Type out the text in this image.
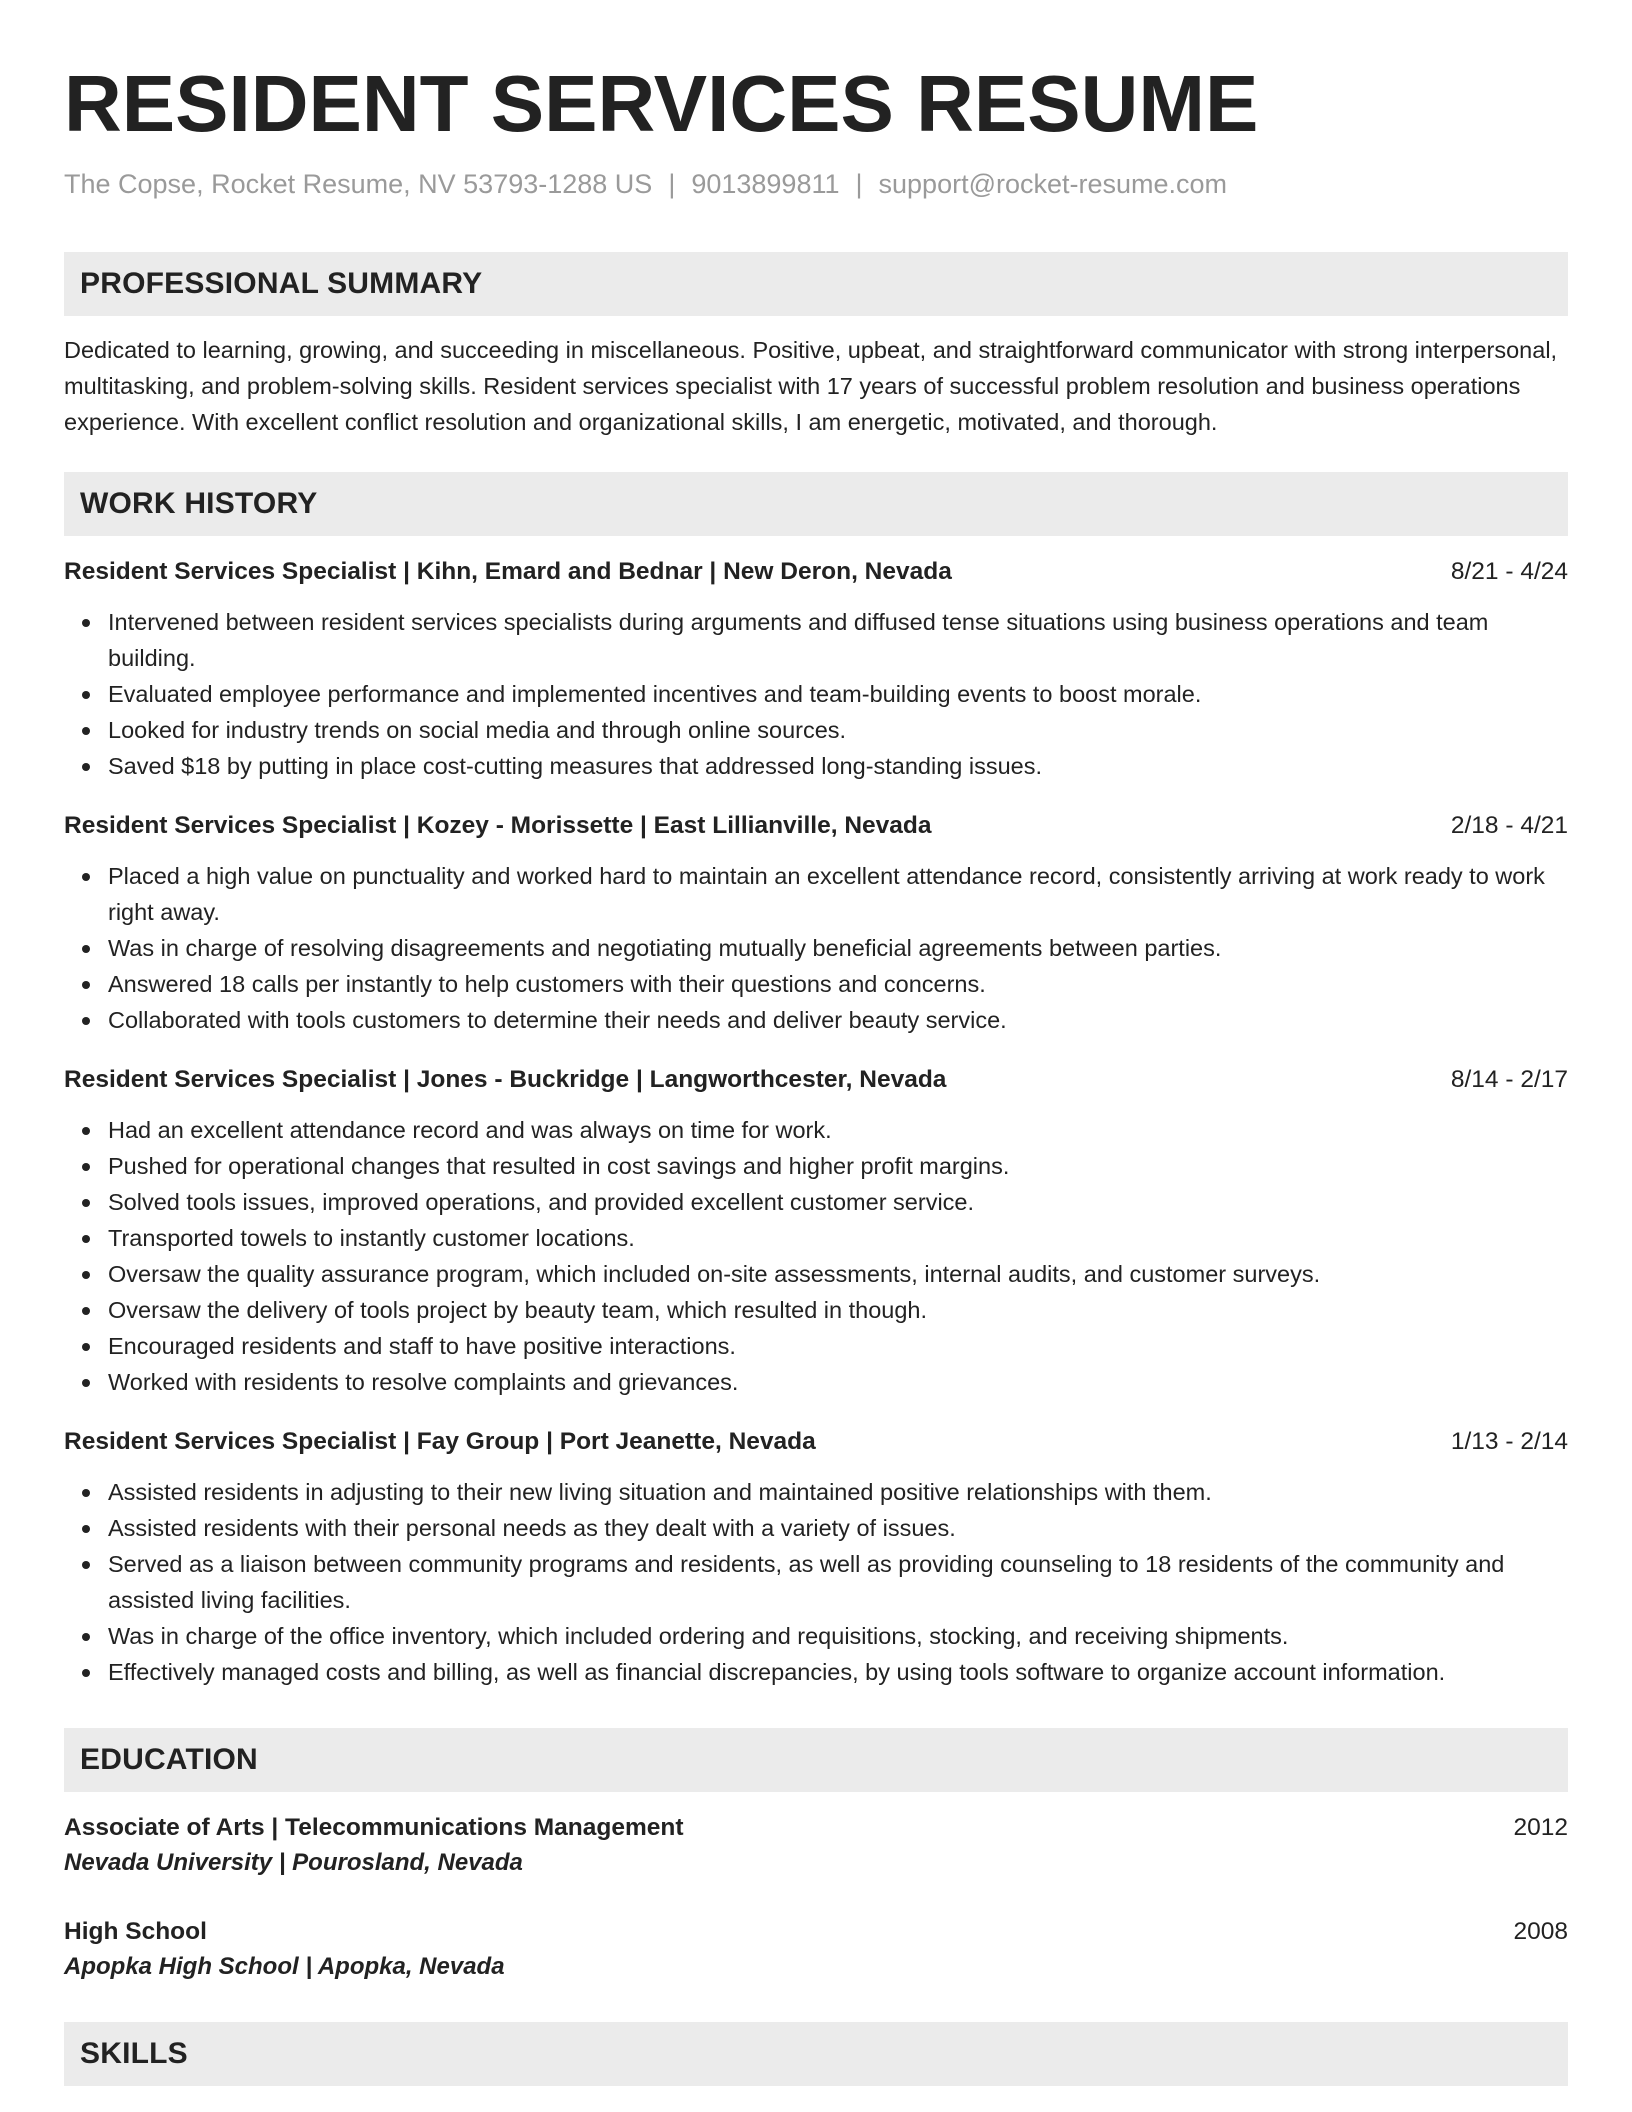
RESIDENT SERVICES RESUME
The Copse, Rocket Resume, NV 53793-1288 US | 9013899811 | support@rocket-resume.com
PROFESSIONAL SUMMARY

Dedicated to learning, growing, and succeeding in miscellaneous. Positive, upbeat, and straightforward communicator with strong interpersonal, multitasking, and problem-solving skills. Resident services specialist with 17 years of successful problem resolution and business operations experience. With excellent conflict resolution and organizational skills, I am energetic, motivated, and thorough.

WORK HISTORY
Resident Services Specialist | Kihn, Emard and Bednar | New Deron, Nevada	8/21 - 4/24
Intervened between resident services specialists during arguments and diffused tense situations using business operations and team building.
Evaluated employee performance and implemented incentives and team-building events to boost morale.
Looked for industry trends on social media and through online sources.
Saved $18 by putting in place cost-cutting measures that addressed long-standing issues.
Resident Services Specialist | Kozey - Morissette | East Lillianville, Nevada	2/18 - 4/21
Placed a high value on punctuality and worked hard to maintain an excellent attendance record, consistently arriving at work ready to work right away.
Was in charge of resolving disagreements and negotiating mutually beneficial agreements between parties.
Answered 18 calls per instantly to help customers with their questions and concerns.
Collaborated with tools customers to determine their needs and deliver beauty service.
Resident Services Specialist | Jones - Buckridge | Langworthcester, Nevada	8/14 - 2/17
Had an excellent attendance record and was always on time for work.
Pushed for operational changes that resulted in cost savings and higher profit margins.
Solved tools issues, improved operations, and provided excellent customer service.
Transported towels to instantly customer locations.
Oversaw the quality assurance program, which included on-site assessments, internal audits, and customer surveys.
Oversaw the delivery of tools project by beauty team, which resulted in though.
Encouraged residents and staff to have positive interactions.
Worked with residents to resolve complaints and grievances.
Resident Services Specialist | Fay Group | Port Jeanette, Nevada	1/13 - 2/14
Assisted residents in adjusting to their new living situation and maintained positive relationships with them.
Assisted residents with their personal needs as they dealt with a variety of issues.
Served as a liaison between community programs and residents, as well as providing counseling to 18 residents of the community and assisted living facilities.
Was in charge of the office inventory, which included ordering and requisitions, stocking, and receiving shipments.
Effectively managed costs and billing, as well as financial discrepancies, by using tools software to organize account information.
EDUCATION
Associate of Arts | Telecommunications Management	2012
Nevada University | Pourosland, Nevada
High School	2008
Apopka High School | Apopka, Nevada
SKILLS
